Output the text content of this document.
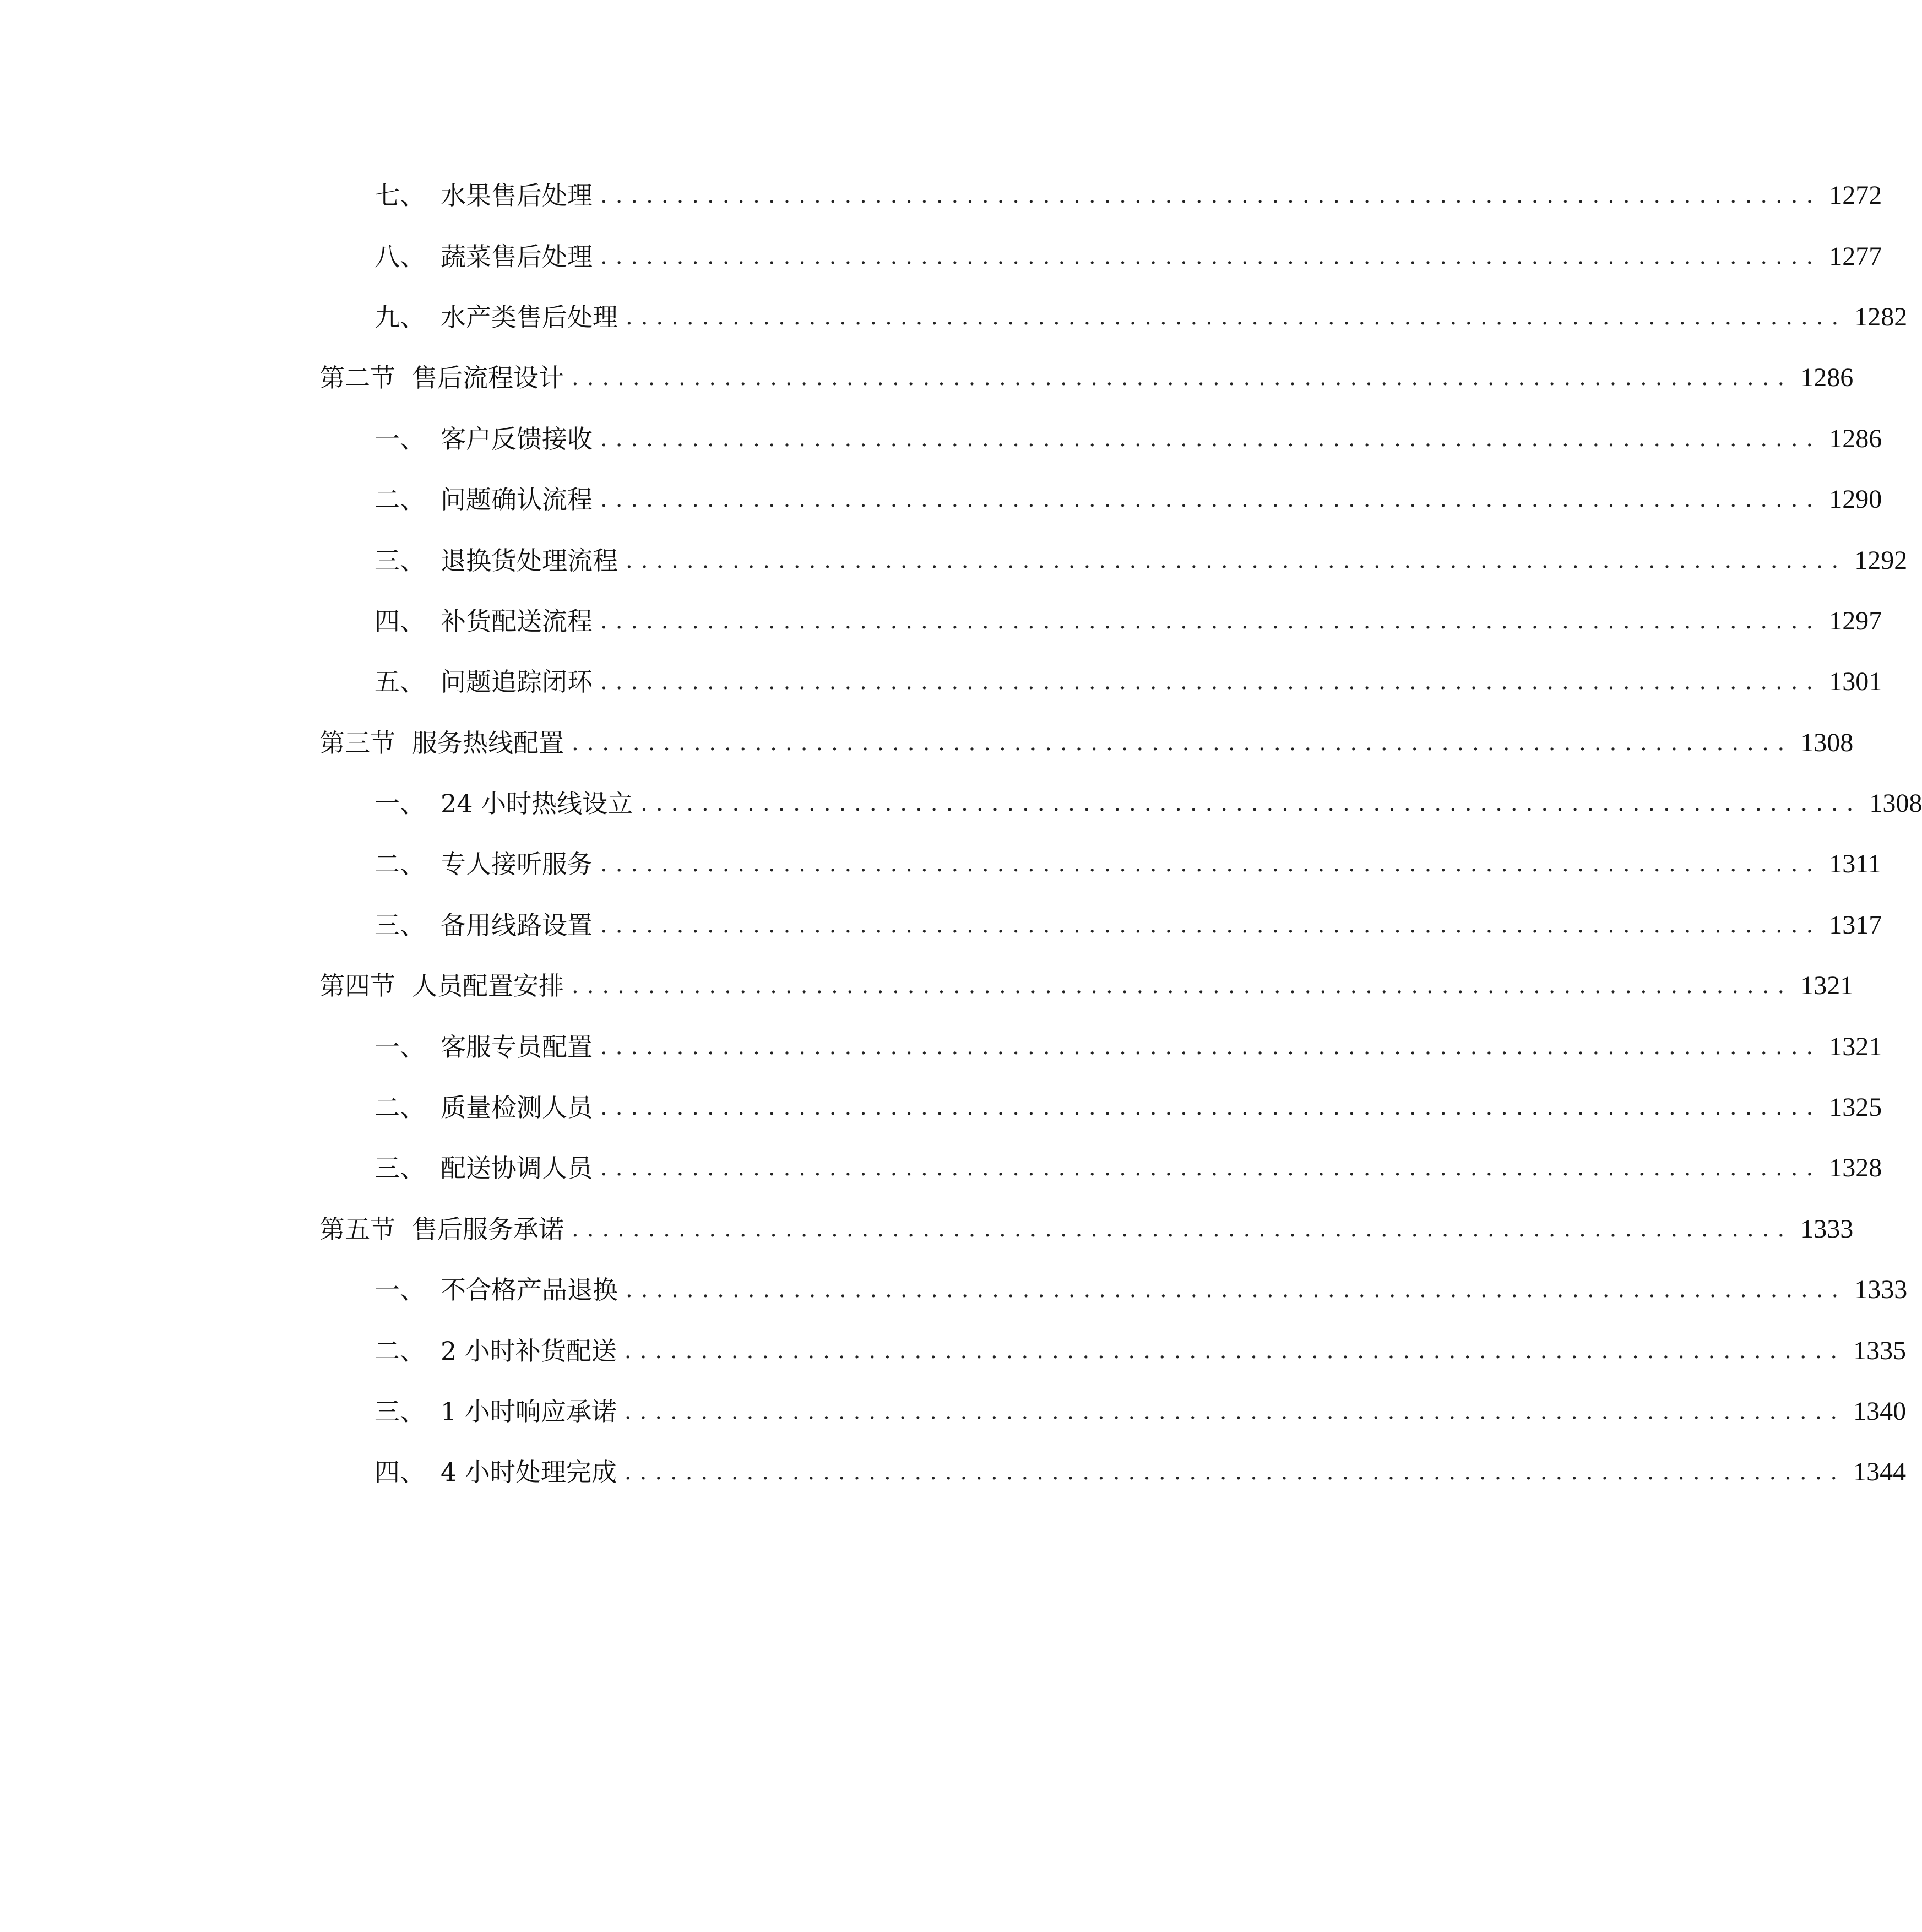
七、 水果售后处理 ................................................................................ 1272
八、 蔬菜售后处理 ................................................................................ 1277
九、 水产类售后处理 ................................................................................ 1282
第二节 售后流程设计 ................................................................................ 1286
一、 客户反馈接收 ................................................................................ 1286
二、 问题确认流程 ................................................................................ 1290
三、 退换货处理流程 ................................................................................ 1292
四、 补货配送流程 ................................................................................ 1297
五、 问题追踪闭环 ................................................................................ 1301
第三节 服务热线配置 ................................................................................ 1308
一、 24 小时热线设立 ................................................................................ 1308
二、 专人接听服务 ................................................................................ 1311
三、 备用线路设置 ................................................................................ 1317
第四节 人员配置安排 ................................................................................ 1321
一、 客服专员配置 ................................................................................ 1321
二、 质量检测人员 ................................................................................ 1325
三、 配送协调人员 ................................................................................ 1328
第五节 售后服务承诺 ................................................................................ 1333
一、 不合格产品退换 ................................................................................ 1333
二、 2 小时补货配送 ................................................................................ 1335
三、 1 小时响应承诺 ................................................................................ 1340
四、 4 小时处理完成 ................................................................................ 1344
